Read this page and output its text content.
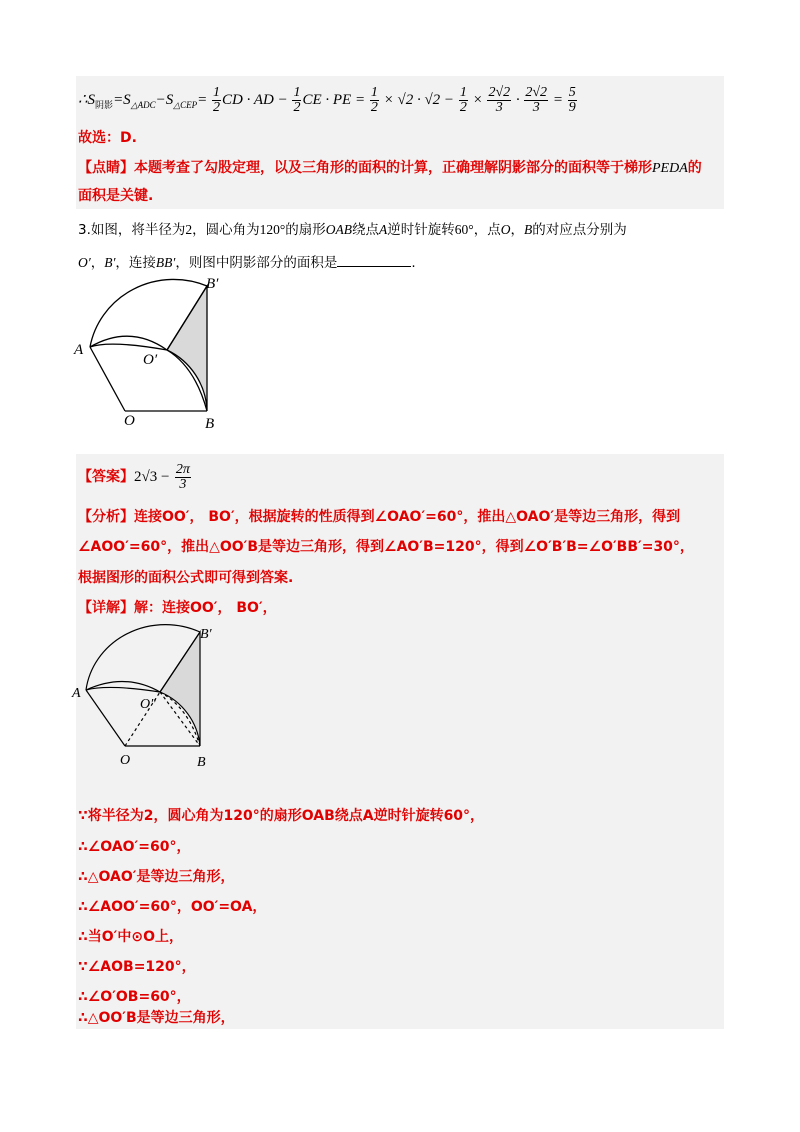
$\therefore S_{阴影}=S_{\triangle ADC}-S_{\triangle CEP}= \frac{1}{2}$ CD · AD − $\frac{1}{2}$ CE · PE = $\frac{1}{2} \times √2 \cdot √2 - \frac{1}{2} \times \frac{2√2}{3} \cdot \frac{2√2}{3} = \frac{5}{9}$
故选：D.
【点睛】本题考查了勾股定理，以及三角形的面积的计算，正确理解阴影部分的面积等于梯形PEDA的
面积是关键.
3.如图，将半径为2，圆心角为120°的扇形OAB绕点A逆时针旋转60°，点O，B的对应点分别为
O′，B′，连接BB′，则图中阴影部分的面积是	.
A
O	B
O′
B′
【答案】$2√3 - \frac{2\pi}{3}$
【分析】连接OO′， BO′，根据旋转的性质得到∠OAO′=60°，推出△OAO′是等边三角形，得到
∠AOO′=60°，推出△OO′B是等边三角形，得到∠AO′B=120°，得到∠O′B′B=∠O′BB′=30°，
根据图形的面积公式即可得到答案.
【详解】解：连接OO′， BO′，
A
O	B
O″
B′
∵将半径为2，圆心角为120°的扇形OAB绕点A逆时针旋转60°，
∴∠OAO′=60°，
∴△OAO′是等边三角形，
∴∠AOO′=60°，OO′=OA，
∴当O′中⊙O上，
∵∠AOB=120°，
∴∠O′OB=60°，
∴△OO′B是等边三角形，
